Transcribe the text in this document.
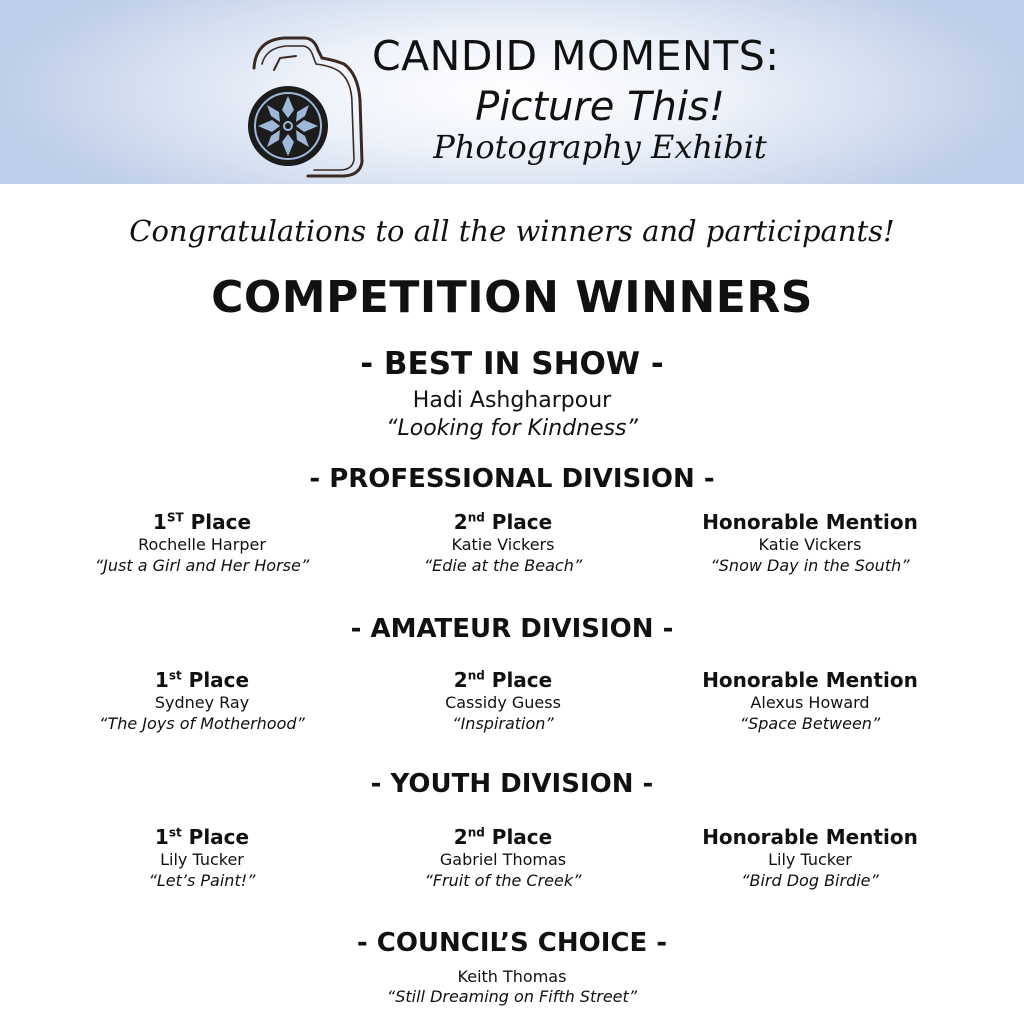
CANDID MOMENTS:
Picture This!
Photography Exhibit
Congratulations to all the winners and participants!
COMPETITION WINNERS
- BEST IN SHOW -
Hadi Ashgharpour
“Looking for Kindness”
- PROFESSIONAL DIVISION -
1ST Place
Rochelle Harper
“Just a Girl and Her Horse”
2nd Place
Katie Vickers
“Edie at the Beach”
Honorable Mention
Katie Vickers
“Snow Day in the South”
- AMATEUR DIVISION -
1st Place
Sydney Ray
“The Joys of Motherhood”
2nd Place
Cassidy Guess
“Inspiration”
Honorable Mention
Alexus Howard
“Space Between”
- YOUTH DIVISION -
1st Place
Lily Tucker
“Let’s Paint!”
2nd Place
Gabriel Thomas
“Fruit of the Creek”
Honorable Mention
Lily Tucker
“Bird Dog Birdie”
- COUNCIL’S CHOICE -
Keith Thomas
“Still Dreaming on Fifth Street”
